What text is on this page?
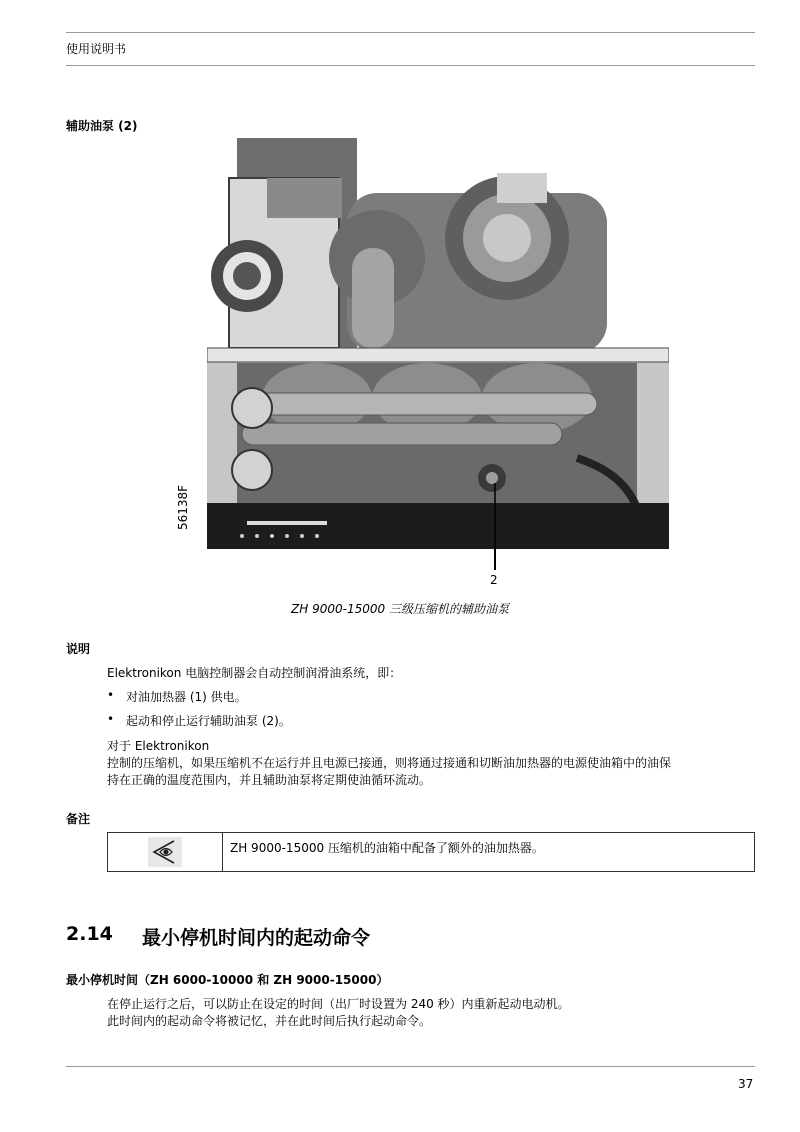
使用说明书
辅助油泵 (2)
2
56138F
ZH 9000-15000 三级压缩机的辅助油泵
说明
Elektronikon 电脑控制器会自动控制润滑油系统，即：
• 对油加热器 (1) 供电。
• 起动和停止运行辅助油泵 (2)。
对于 Elektronikon
控制的压缩机，如果压缩机不在运行并且电源已接通，则将通过接通和切断油加热器的电源使油箱中的油保
持在正确的温度范围内，并且辅助油泵将定期使油循环流动。
备注
ZH 9000-15000 压缩机的油箱中配备了额外的油加热器。
2.14 最小停机时间内的起动命令
最小停机时间（ZH 6000-10000 和 ZH 9000-15000）
在停止运行之后，可以防止在设定的时间（出厂时设置为 240 秒）内重新起动电动机。
此时间内的起动命令将被记忆，并在此时间后执行起动命令。
37
